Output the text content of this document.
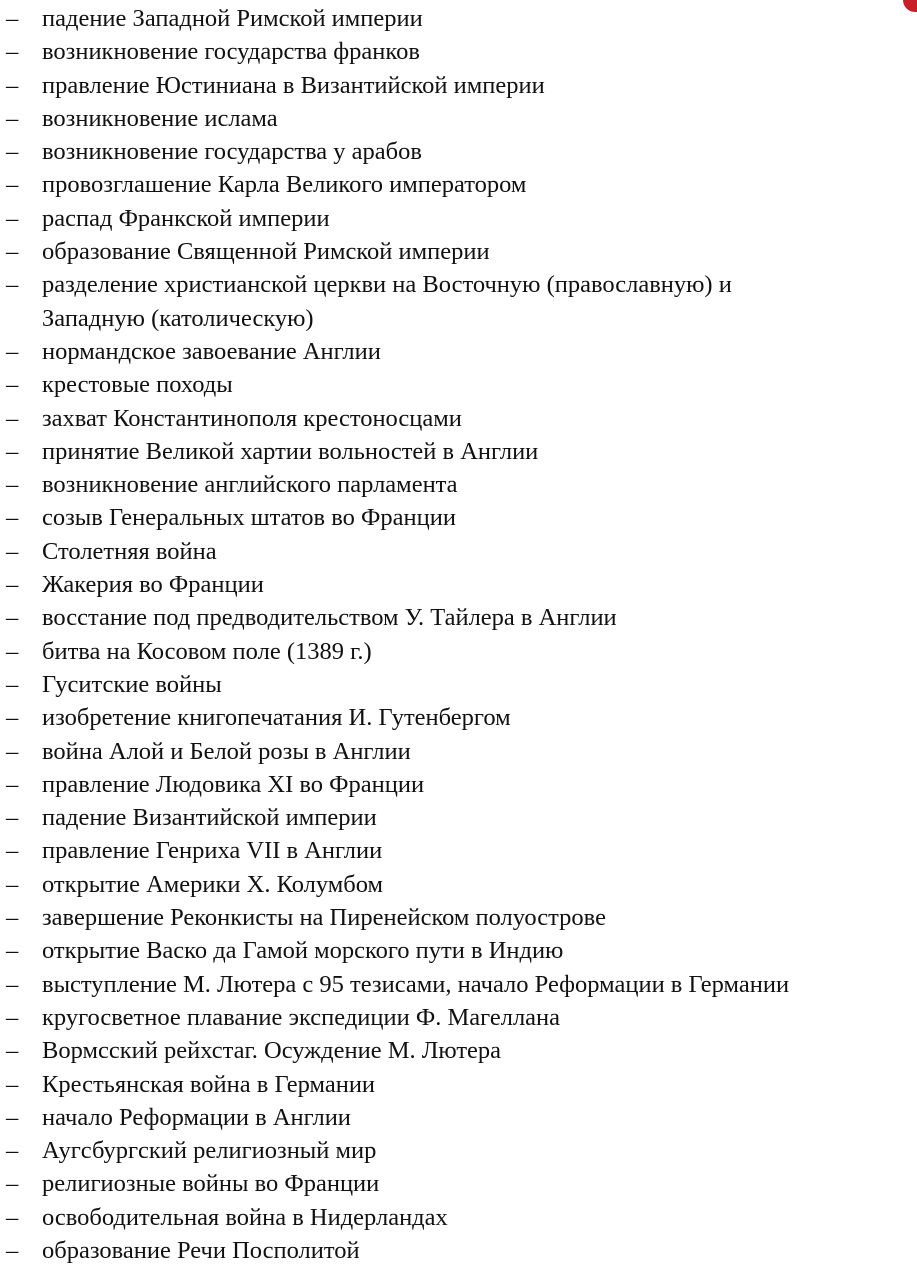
– падение Западной Римской империи
– возникновение государства франков
– правление Юстиниана в Византийской империи
– возникновение ислама
– возникновение государства у арабов
– провозглашение Карла Великого императором
– распад Франкской империи
– образование Священной Римской империи
– разделение христианской церкви на Восточную (православную) и Западную (католическую)
– нормандское завоевание Англии
– крестовые походы
– захват Константинополя крестоносцами
– принятие Великой хартии вольностей в Англии
– возникновение английского парламента
– созыв Генеральных штатов во Франции
– Столетняя война
– Жакерия во Франции
– восстание под предводительством У. Тайлера в Англии
– битва на Косовом поле (1389 г.)
– Гуситские войны
– изобретение книгопечатания И. Гутенбергом
– война Алой и Белой розы в Англии
– правление Людовика XI во Франции
– падение Византийской империи
– правление Генриха VII в Англии
– открытие Америки Х. Колумбом
– завершение Реконкисты на Пиренейском полуострове
– открытие Васко да Гамой морского пути в Индию
– выступление М. Лютера с 95 тезисами, начало Реформации в Германии
– кругосветное плавание экспедиции Ф. Магеллана
– Вормсский рейхстаг. Осуждение М. Лютера
– Крестьянская война в Германии
– начало Реформации в Англии
– Аугсбургский религиозный мир
– религиозные войны во Франции
– освободительная война в Нидерландах
– образование Речи Посполитой
